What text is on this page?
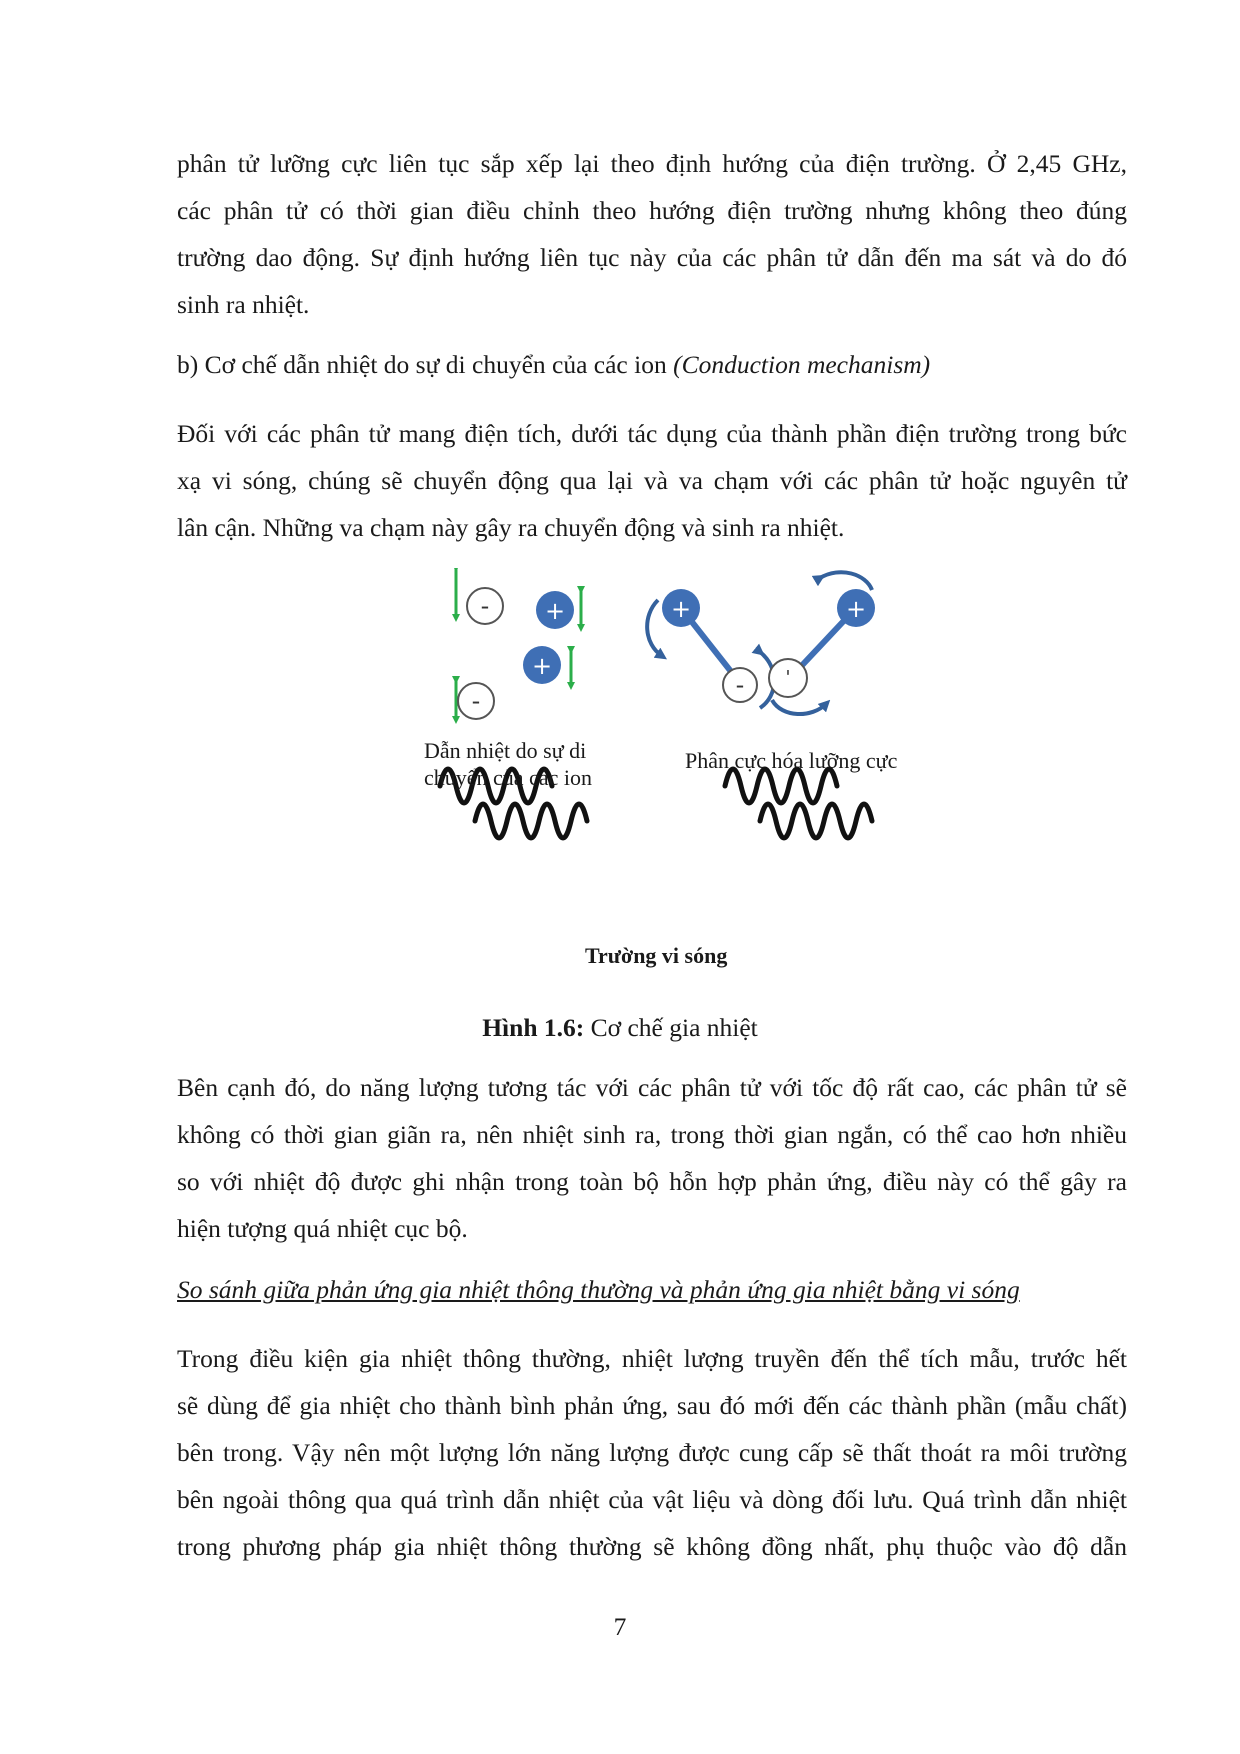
phân tử lưỡng cực liên tục sắp xếp lại theo định hướng của điện trường. Ở 2,45 GHz,
các phân tử có thời gian điều chỉnh theo hướng điện trường nhưng không theo đúng
trường dao động. Sự định hướng liên tục này của các phân tử dẫn đến ma sát và do đó
sinh ra nhiệt.

b) Cơ chế dẫn nhiệt do sự di chuyển của các ion (Conduction mechanism)

Đối với các phân tử mang điện tích, dưới tác dụng của thành phần điện trường trong bức
xạ vi sóng, chúng sẽ chuyển động qua lại và va chạm với các phân tử hoặc nguyên tử
lân cận. Những va chạm này gây ra chuyển động và sinh ra nhiệt.
-
-
+
+
+
-
+
'
Dẫn nhiệt do sự di
chuyển của các ion
Phân cực hóa lưỡng cực
Trường vi sóng
Hình 1.6: Cơ chế gia nhiệt
Bên cạnh đó, do năng lượng tương tác với các phân tử với tốc độ rất cao, các phân tử sẽ
không có thời gian giãn ra, nên nhiệt sinh ra, trong thời gian ngắn, có thể cao hơn nhiều
so với nhiệt độ được ghi nhận trong toàn bộ hỗn hợp phản ứng, điều này có thể gây ra
hiện tượng quá nhiệt cục bộ.

So sánh giữa phản ứng gia nhiệt thông thường và phản ứng gia nhiệt bằng vi sóng

Trong điều kiện gia nhiệt thông thường, nhiệt lượng truyền đến thể tích mẫu, trước hết
sẽ dùng để gia nhiệt cho thành bình phản ứng, sau đó mới đến các thành phần (mẫu chất)
bên trong. Vậy nên một lượng lớn năng lượng được cung cấp sẽ thất thoát ra môi trường
bên ngoài thông qua quá trình dẫn nhiệt của vật liệu và dòng đối lưu. Quá trình dẫn nhiệt
trong phương pháp gia nhiệt thông thường sẽ không đồng nhất, phụ thuộc vào độ dẫn
7
